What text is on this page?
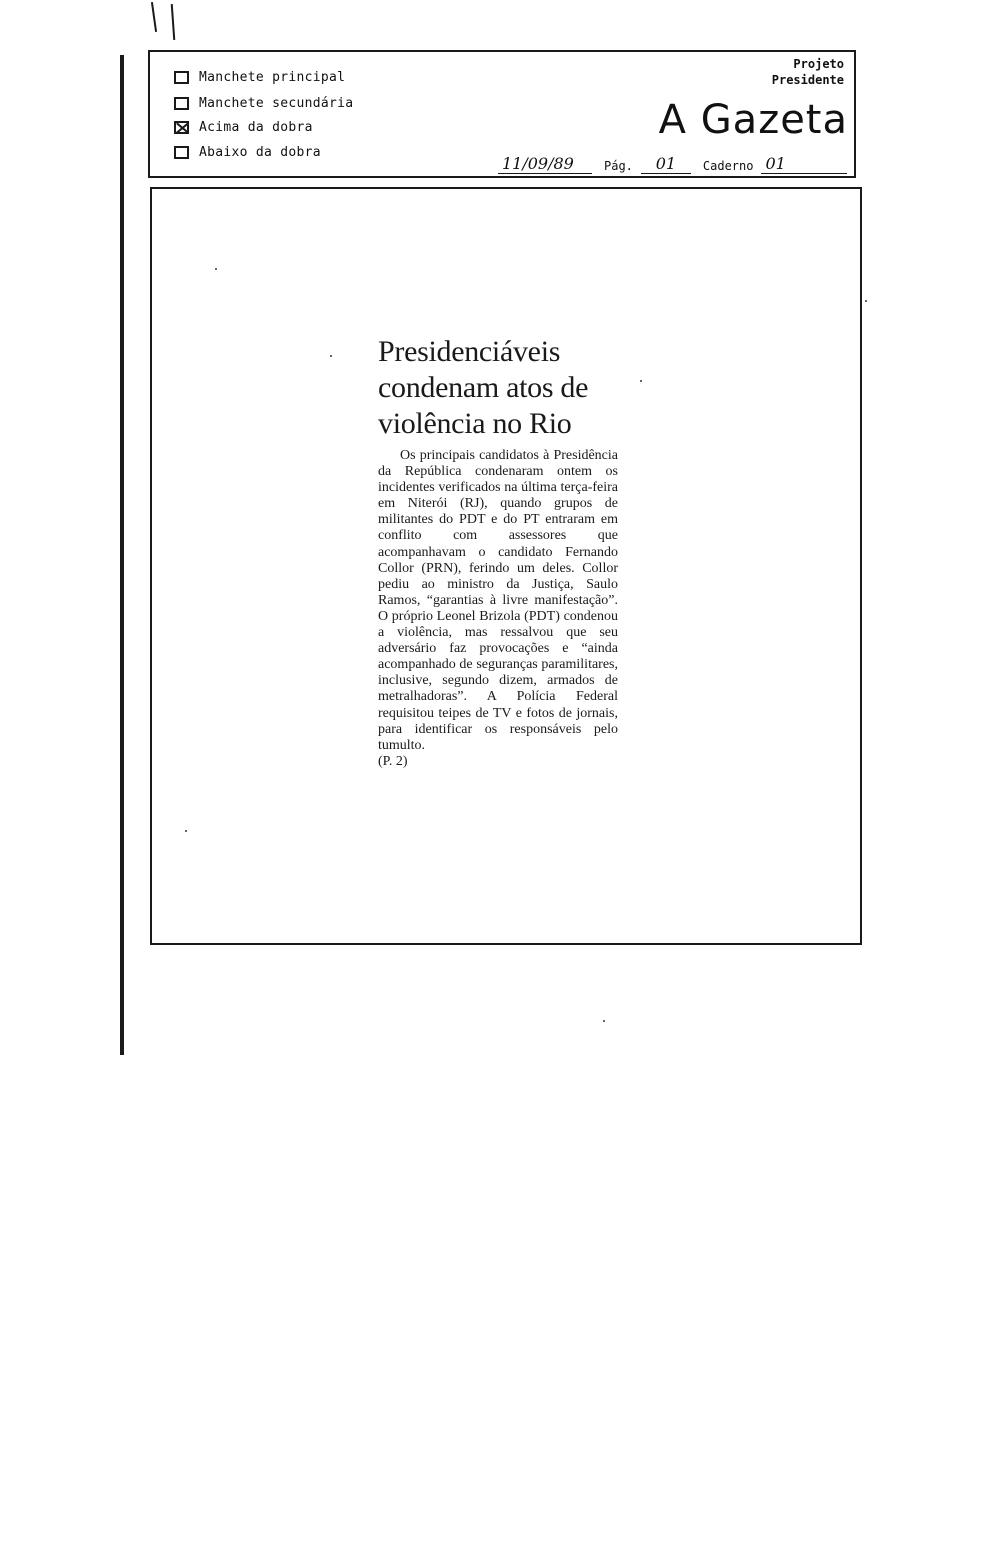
Manchete principal
Manchete secundária
Acima da dobra
Abaixo da dobra
Projeto
Presidente
A Gazeta
11/09/89	Pág.	01	Caderno 01
Presidenciáveis condenam atos de violência no Rio
Os principais candidatos à Presidência da República condenaram ontem os incidentes verificados na última terça-feira em Niterói (RJ), quando grupos de militantes do PDT e do PT entraram em conflito com assessores que acompanhavam o candidato Fernando Collor (PRN), ferindo um deles. Collor pediu ao ministro da Justiça, Saulo Ramos, “garantias à livre manifestação”. O próprio Leonel Brizola (PDT) condenou a violência, mas ressalvou que seu adversário faz provocações e “ainda acompanhado de seguranças paramilitares, inclusive, segundo dizem, armados de metralhadoras”. A Polícia Federal requisitou teipes de TV e fotos de jornais, para identificar os responsáveis pelo tumulto.
(P. 2)
